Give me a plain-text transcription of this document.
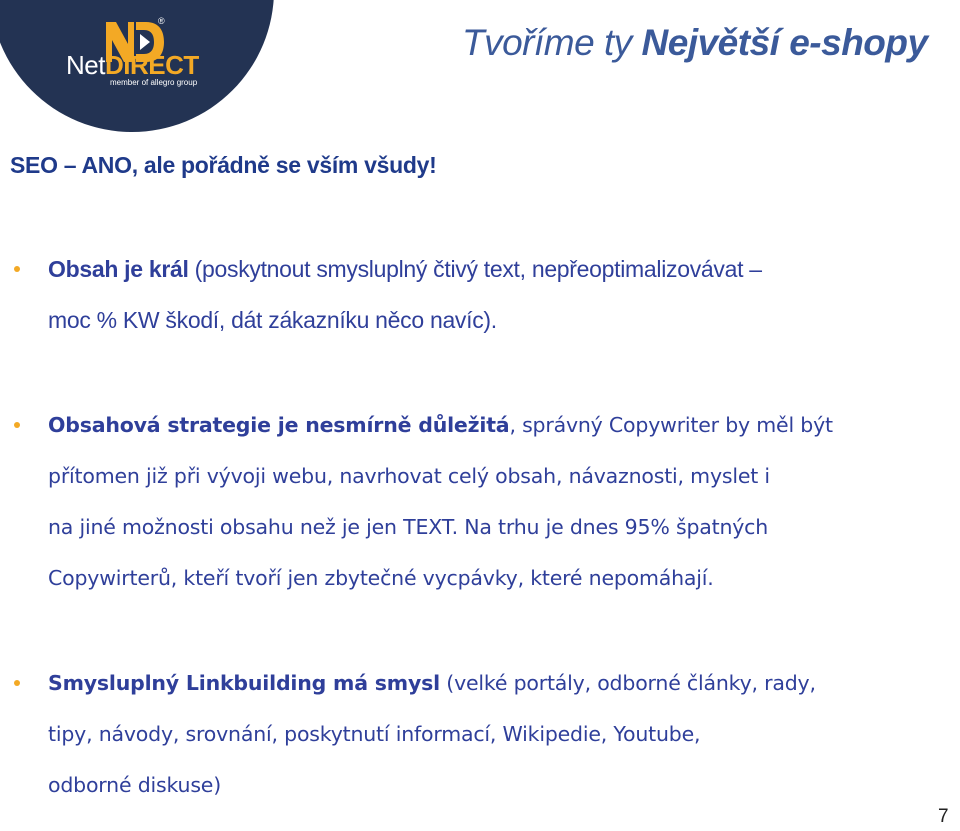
®
NetDIRECT
member of allegro group
Tvoříme ty Největší e-shopy
SEO – ANO, ale pořádně se vším všudy!
Obsah je král (poskytnout smysluplný čtivý text, nepřeoptimalizovávat –
moc % KW škodí, dát zákazníku něco navíc).
Obsahová strategie je nesmírně důležitá, správný Copywriter by měl být
přítomen již při vývoji webu, navrhovat celý obsah, návaznosti, myslet i
na jiné možnosti obsahu než je jen TEXT. Na trhu je dnes 95% špatných
Copywirterů, kteří tvoří jen zbytečné vycpávky, které nepomáhají.
Smysluplný Linkbuilding má smysl (velké portály, odborné články, rady,
tipy, návody, srovnání, poskytnutí informací, Wikipedie, Youtube,
odborné diskuse)
7
